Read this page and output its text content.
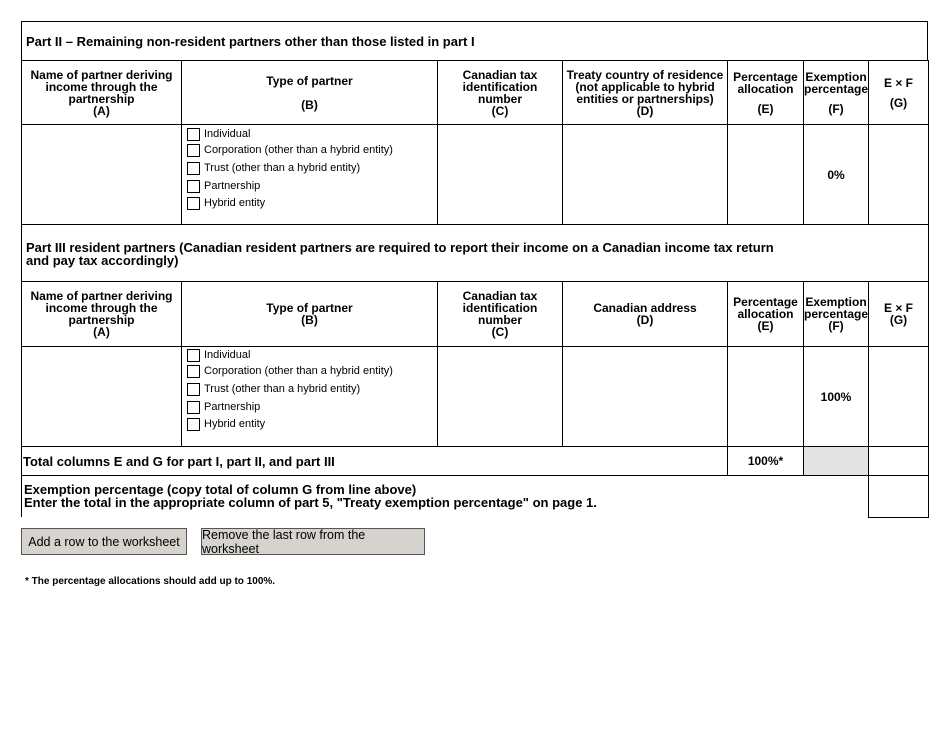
Part II – Remaining non-resident partners other than those listed in part I
Name of partner deriving
income through the
partnership
(A)
Type of partner
(B)
Canadian tax
identification
number
(C)
Treaty country of residence
(not applicable to hybrid
entities or partnerships)
(D)
Percentage
allocation
(E)
Exemption
percentage
(F)
E × F
(G)
Individual
Corporation (other than a hybrid entity)
Trust (other than a hybrid entity)
Partnership
Hybrid entity
0%
Part III resident partners (Canadian resident partners are required to report their income on a Canadian income tax return
and pay tax accordingly)
Name of partner deriving
income through the
partnership
(A)
Type of partner
(B)
Canadian tax
identification
number
(C)
Canadian address
(D)
Percentage
allocation
(E)
Exemption
percentage
(F)
E × F
(G)
Individual
Corporation (other than a hybrid entity)
Trust (other than a hybrid entity)
Partnership
Hybrid entity
100%
Total columns E and G for part I, part II, and part III	100%*
Exemption percentage (copy total of column G from line above)
Enter the total in the appropriate column of part 5, "Treaty exemption percentage" on page 1.
Add a row to the worksheet	Remove the last row from the worksheet
* The percentage allocations should add up to 100%.
